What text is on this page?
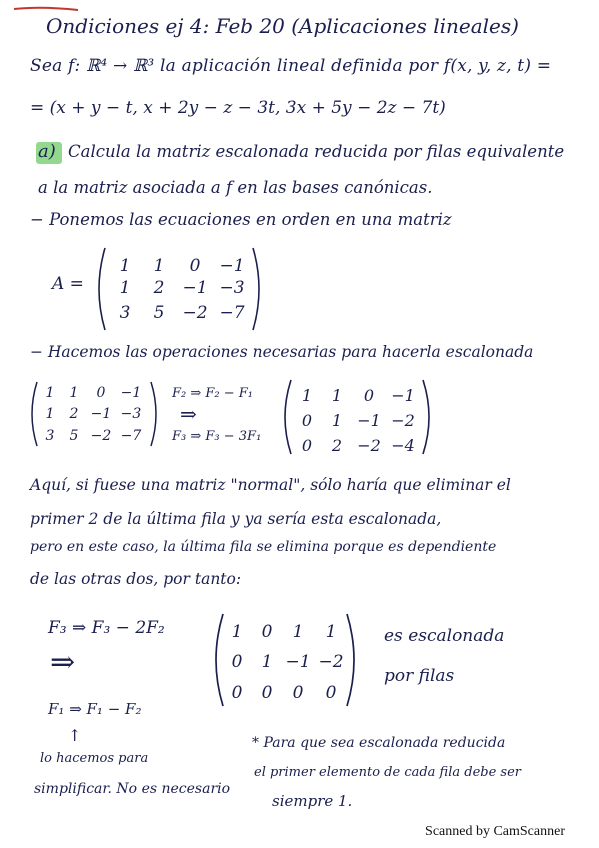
Ondiciones ej 4: Feb 20 (Aplicaciones lineales)
Sea f: ℝ⁴ → ℝ³ la aplicación lineal definida por f(x, y, z, t) =
= (x + y − t, x + 2y − z − 3t, 3x + 5y − 2z − 7t)
a) Calcula la matriz escalonada reducida por filas equivalente
a la matriz asociada a f en las bases canónicas.
− Ponemos las ecuaciones en orden en una matriz
A =
1 1 0 −1
1 2 −1 −3
3 5 −2 −7
− Hacemos las operaciones necesarias para hacerla escalonada
1 1 0 −1
1 2 −1 −3
3 5 −2 −7
F₂ ⇒ F₂ − F₁
⇒
F₃ ⇒ F₃ − 3F₁
1 1 0 −1
0 1 −1 −2
0 2 −2 −4
Aquí, si fuese una matriz "normal", sólo haría que eliminar el
primer 2 de la última fila y ya sería esta escalonada,
pero en este caso, la última fila se elimina porque es dependiente
de las otras dos, por tanto:
F₃ ⇒ F₃ − 2F₂
⇒
F₁ ⇒ F₁ − F₂
1 0 1 1
0 1 −1 −2
0 0 0 0
es escalonada
por filas
↑
lo hacemos para
simplificar. No es necesario
* Para que sea escalonada reducida
el primer elemento de cada fila debe ser
siempre 1.
Scanned by CamScanner
